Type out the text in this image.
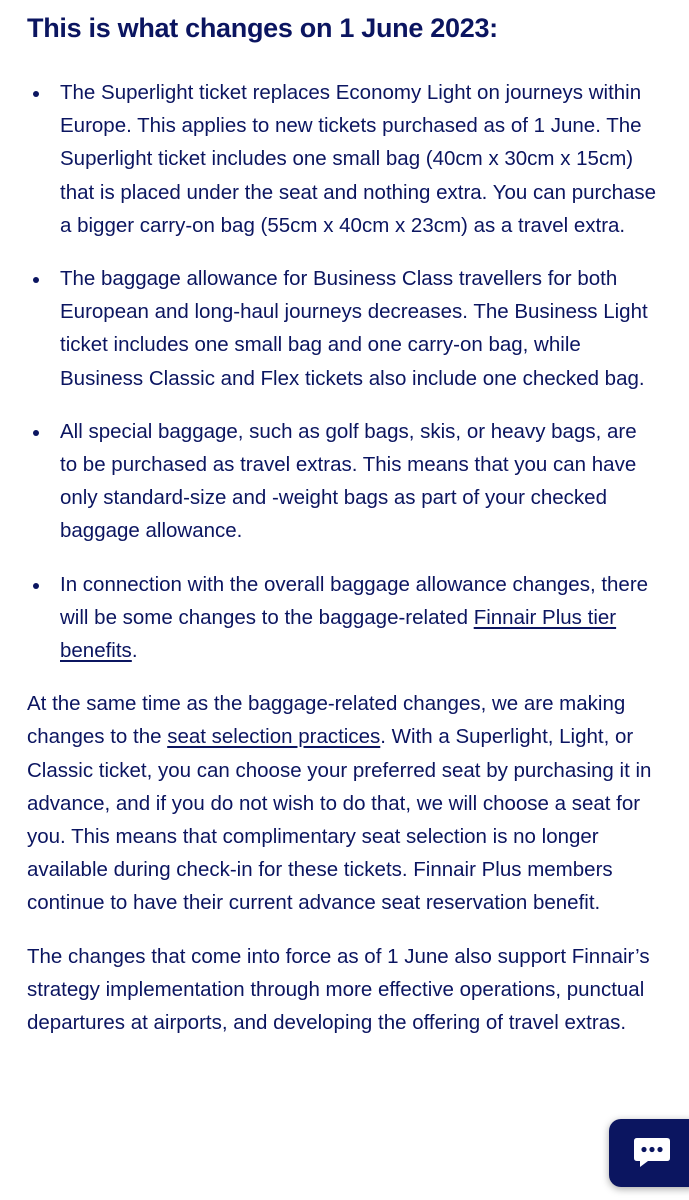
This is what changes on 1 June 2023:
The Superlight ticket replaces Economy Light on journeys within Europe. This applies to new tickets purchased as of 1 June. The Superlight ticket includes one small bag (40cm x 30cm x 15cm) that is placed under the seat and nothing extra. You can purchase a bigger carry-on bag (55cm x 40cm x 23cm) as a travel extra.
The baggage allowance for Business Class travellers for both European and long-haul journeys decreases. The Business Light ticket includes one small bag and one carry-on bag, while Business Classic and Flex tickets also include one checked bag.
All special baggage, such as golf bags, skis, or heavy bags, are to be purchased as travel extras. This means that you can have only standard-size and -weight bags as part of your checked baggage allowance.
In connection with the overall baggage allowance changes, there will be some changes to the baggage-related Finnair Plus tier benefits.

At the same time as the baggage-related changes, we are making changes to the seat selection practices. With a Superlight, Light, or Classic ticket, you can choose your preferred seat by purchasing it in advance, and if you do not wish to do that, we will choose a seat for you. This means that complimentary seat selection is no longer available during check-in for these tickets. Finnair Plus members continue to have their current advance seat reservation benefit.

The changes that come into force as of 1 June also support Finnair’s strategy implementation through more effective operations, punctual departures at airports, and developing the offering of travel extras.
